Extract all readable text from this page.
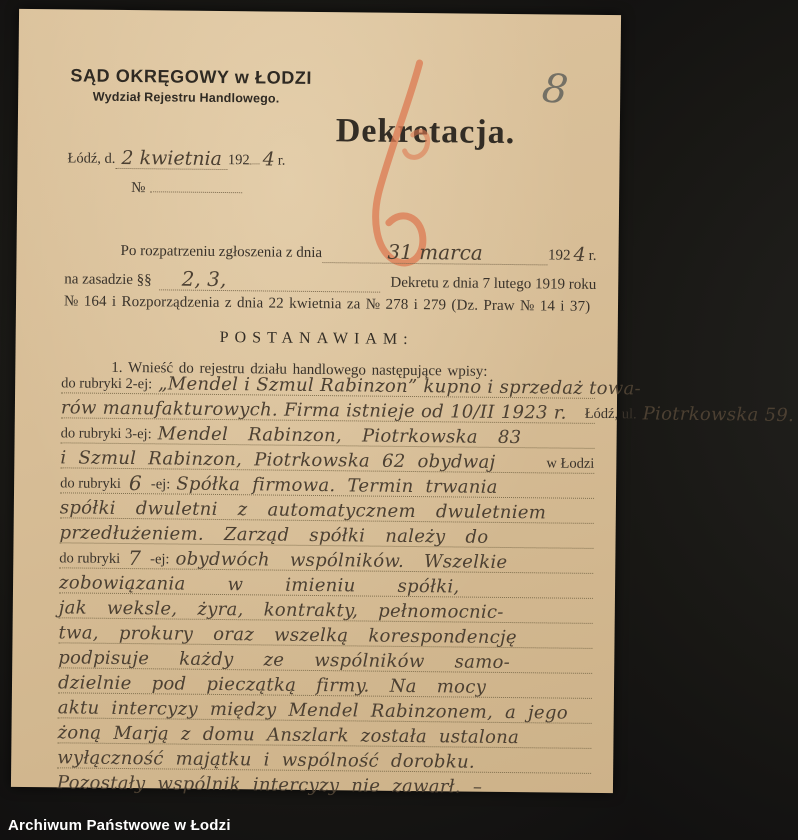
SĄD OKRĘGOWY w ŁODZI
Wydział Rejestru Handlowego.
Łódź, d. 2 kwietnia 192 4 r.
№
Dekretacja.
8
Po rozpatrzeniu zgłoszenia z dnia	31 marca	192 4 r.
na zasadzie §§	2, 3,	Dekretu z dnia 7 lutego 1919 roku
№ 164 i Rozporządzenia z dnia 22 kwietnia za № 278 i 279 (Dz. Praw № 14 i 37)
POSTANAWIAM:
1. Wnieść do rejestru działu handlowego następujące wpisy:
do rubryki 2-ej: „Mendel i Szmul Rabinzon” kupno i sprzedaż towa-
rów manufakturowych. Firma istnieje od 10/II 1923 r.	Łódź, ul. Piotrkowska 59.
do rubryki 3-ej: Mendel Rabinzon, Piotrkowska 83
i Szmul Rabinzon, Piotrkowska 62 obydwaj	w Łodzi
do rubryki 6 -ej: Spółka firmowa. Termin trwania
spółki dwuletni z automatycznem dwuletniem
przedłużeniem. Zarząd spółki należy do
do rubryki 7 -ej: obydwóch wspólników. Wszelkie
zobowiązania w imieniu spółki,
jak weksle, żyra, kontrakty, pełnomocnic-
twa, prokury oraz wszelką korespondencję
podpisuje każdy ze wspólników samo-
dzielnie pod pieczątką firmy. Na mocy
aktu intercyzy między Mendel Rabinzonem, a jego
żoną Marją z domu Anszlark została ustalona
wyłączność majątku i wspólność dorobku.
Pozostały wspólnik intercyzy nie zawarł. –
Archiwum Państwowe w Łodzi
